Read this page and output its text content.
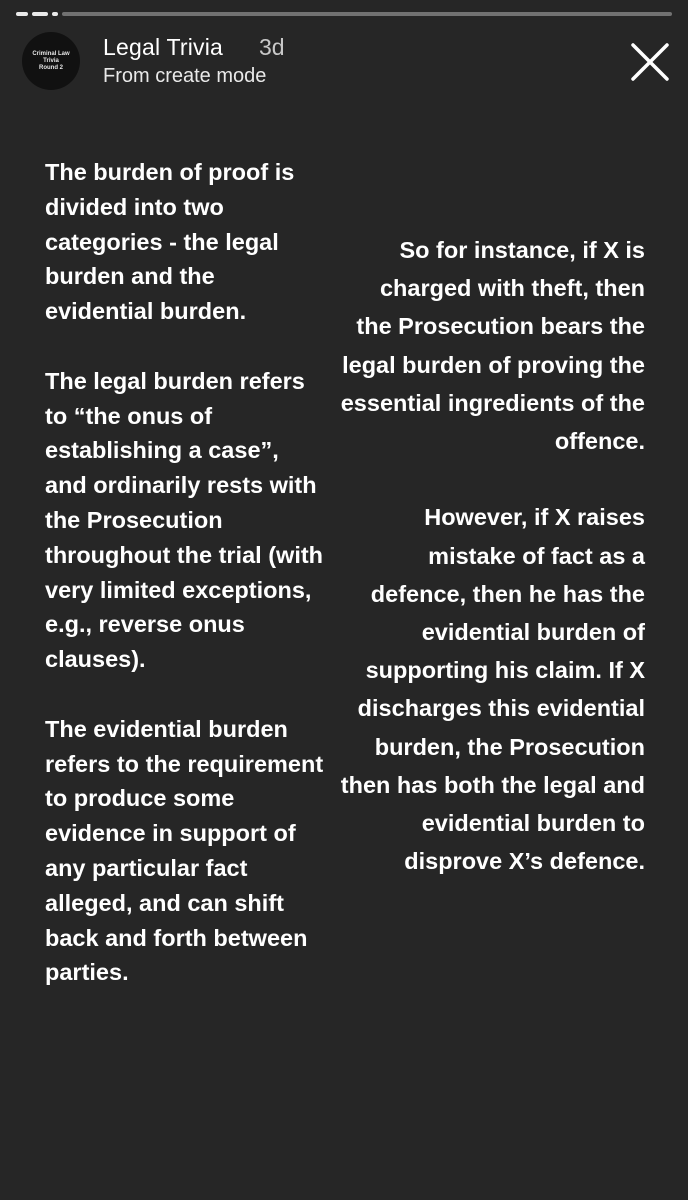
Criminal Law Trivia
Round 2
Legal Trivia 3d
From create mode

The burden of proof is divided into two categories - the legal burden and the evidential burden.

The legal burden refers to “the onus of establishing a case”, and ordinarily rests with the Prosecution throughout the trial (with very limited exceptions, e.g., reverse onus clauses).

The evidential burden refers to the requirement to produce some evidence in support of any particular fact alleged, and can shift back and forth between parties.

So for instance, if X is charged with theft, then the Prosecution bears the legal burden of proving the essential ingredients of the offence.

However, if X raises mistake of fact as a defence, then he has the evidential burden of supporting his claim. If X discharges this evidential burden, the Prosecution then has both the legal and evidential burden to disprove X’s defence.
